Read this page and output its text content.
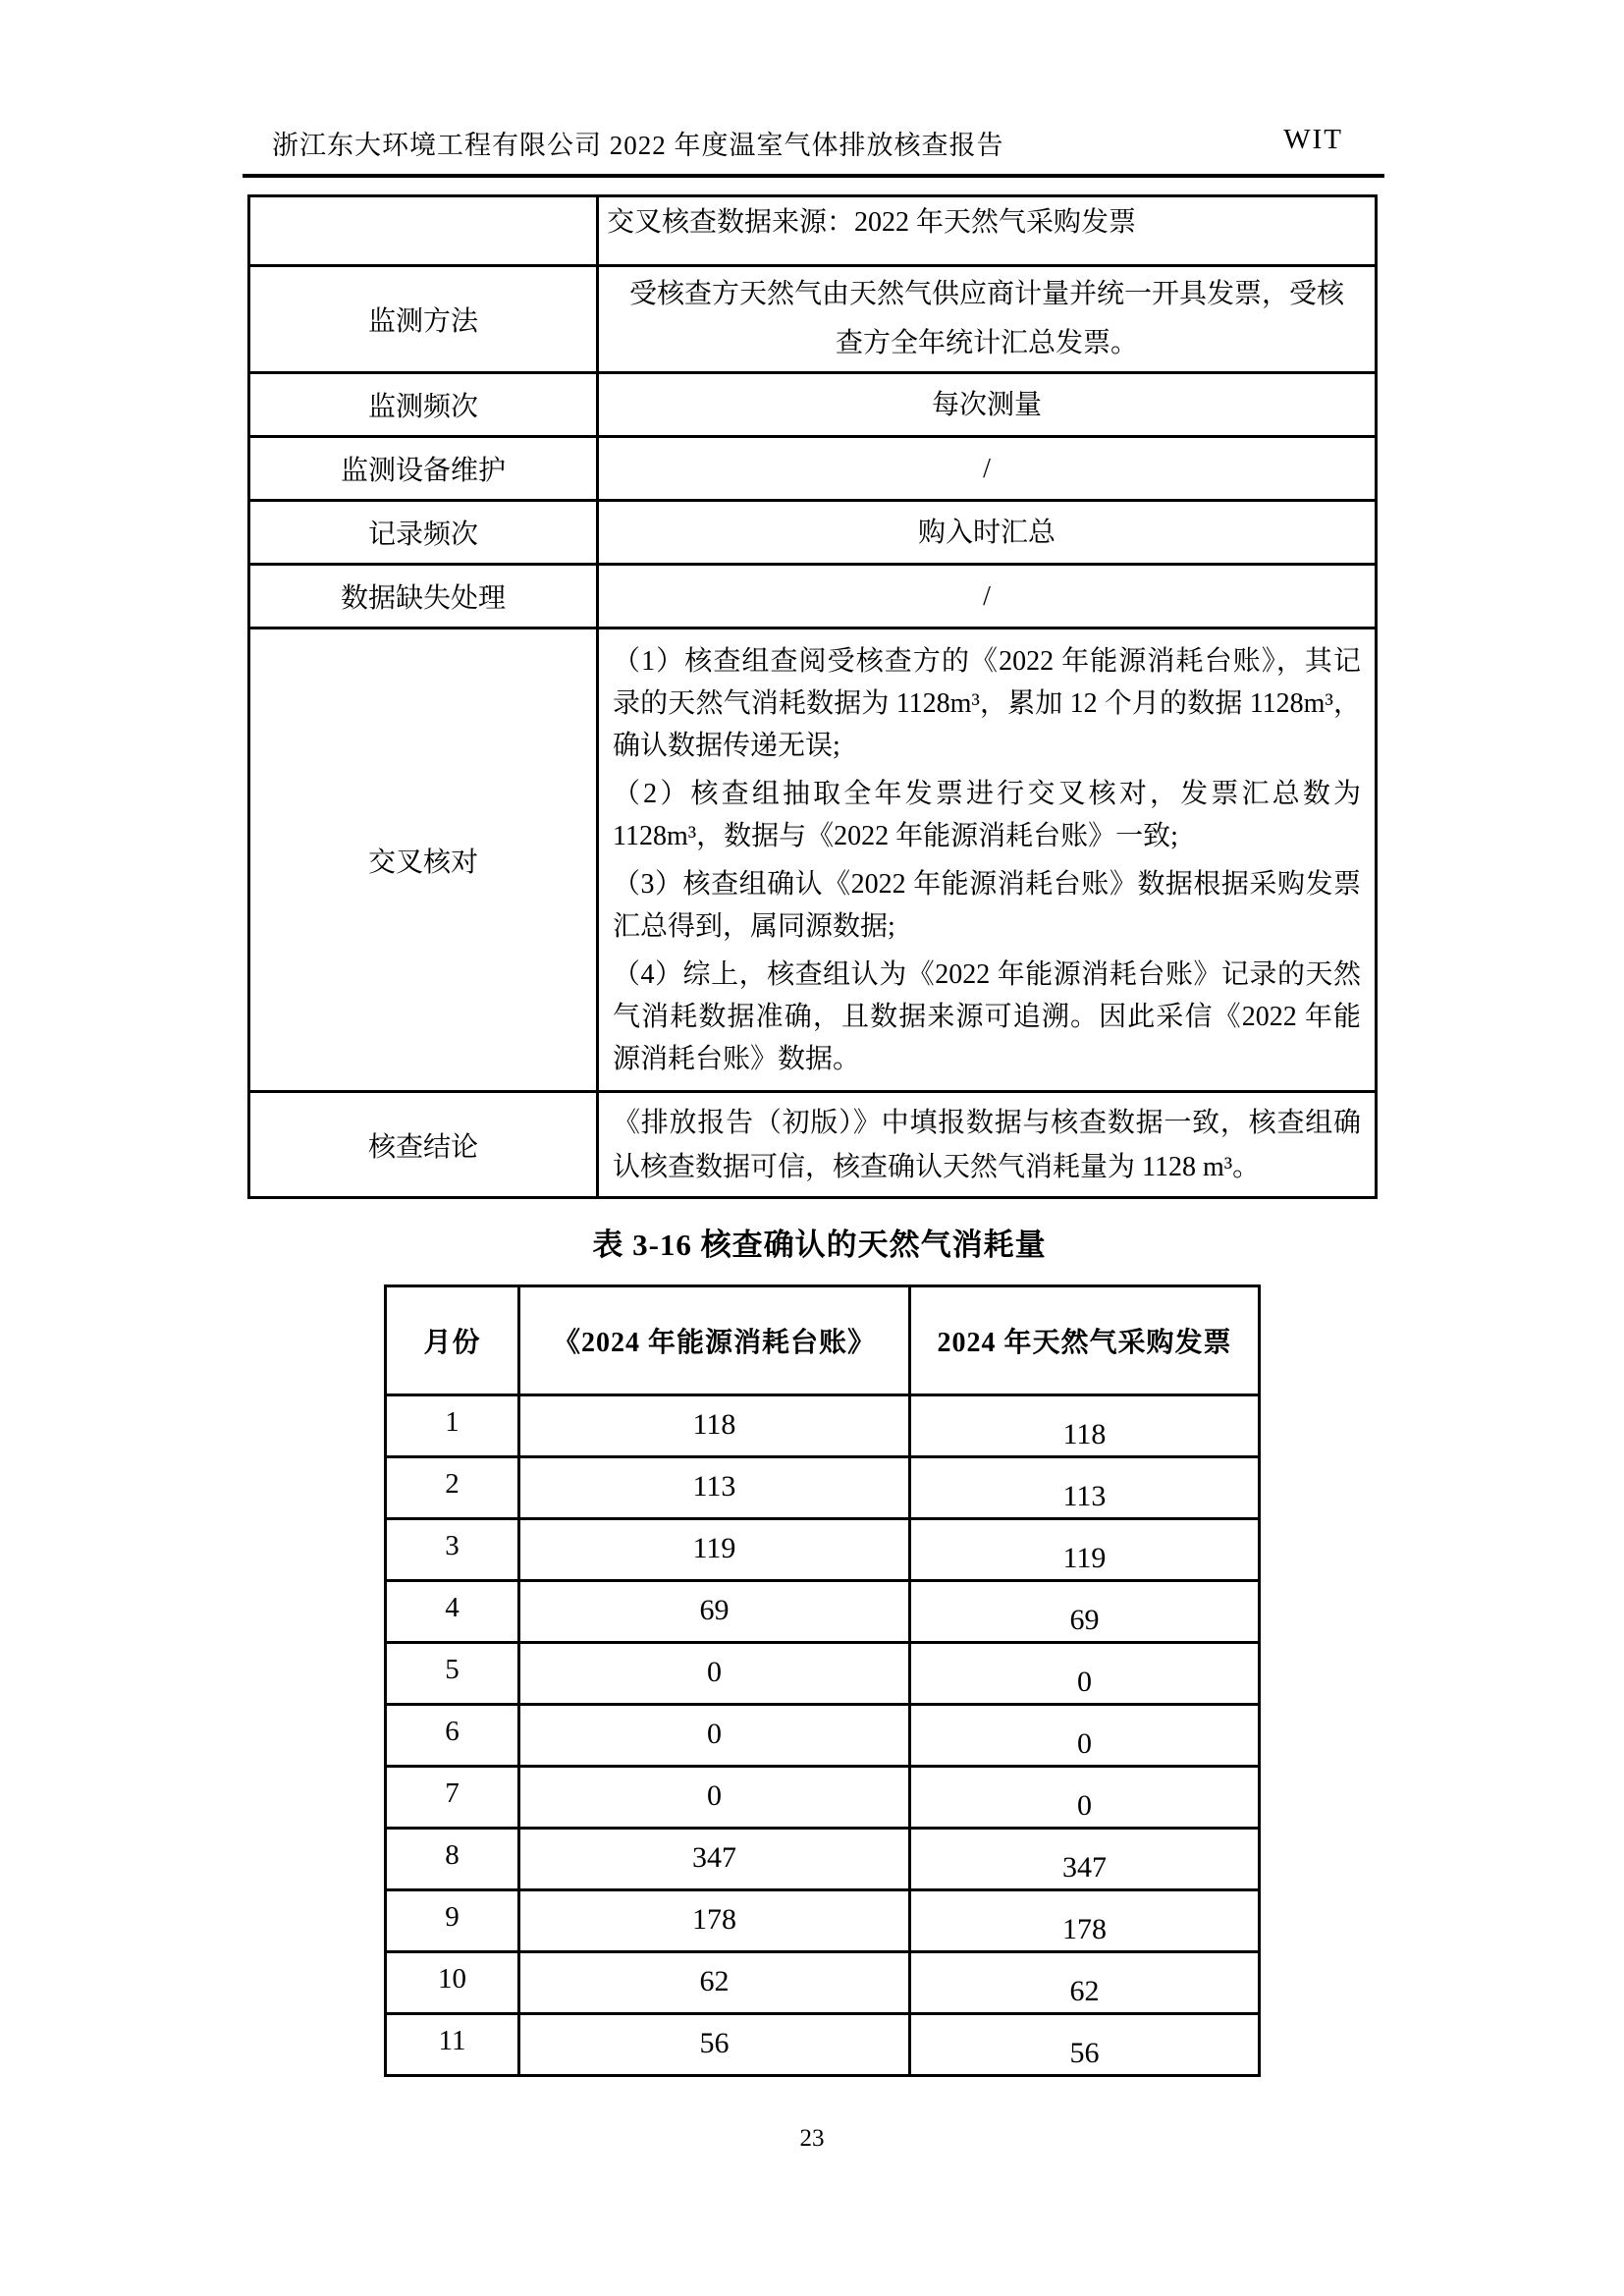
浙江东大环境工程有限公司 2022 年度温室气体排放核查报告	WIT
	交叉核查数据来源：2022 年天然气采购发票
监测方法	受核查方天然气由天然气供应商计量并统一开具发票，受核查方全年统计汇总发票。
监测频次	每次测量
监测设备维护	/
记录频次	购入时汇总
数据缺失处理	/
交叉核对	（1）核查组查阅受核查方的《2022 年能源消耗台账》，其记录的天然气消耗数据为 1128m³，累加 12 个月的数据 1128m³，确认数据传递无误;

（2）核查组抽取全年发票进行交叉核对，发票汇总数为 1128m³，数据与《2022 年能源消耗台账》一致;

（3）核查组确认《2022 年能源消耗台账》数据根据采购发票汇总得到，属同源数据;

（4）综上，核查组认为《2022 年能源消耗台账》记录的天然气消耗数据准确，且数据来源可追溯。因此采信《2022 年能源消耗台账》数据。

核查结论	《排放报告（初版）》中填报数据与核查数据一致，核查组确认核查数据可信，核查确认天然气消耗量为 1128 m³。
表 3-16 核查确认的天然气消耗量
月份	《2024 年能源消耗台账》	2024 年天然气采购发票
1	118	118
2	113	113
3	119	119
4	69	69
5	0	0
6	0	0
7	0	0
8	347	347
9	178	178
10	62	62
11	56	56
23
